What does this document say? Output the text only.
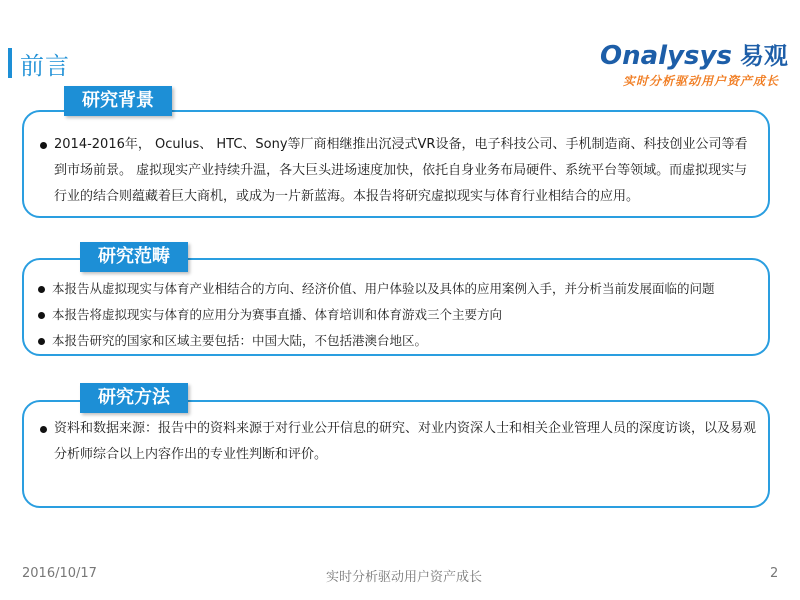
前言	Onalysys 易观
实时分析驱动用户资产成长
2014-2016年， Oculus、 HTC、Sony等厂商相继推出沉浸式VR设备，电子科技公司、手机制造商、科技创业公司等看到市场前景。 虚拟现实产业持续升温，各大巨头进场速度加快，依托自身业务布局硬件、系统平台等领域。而虚拟现实与行业的结合则蕴藏着巨大商机，或成为一片新蓝海。本报告将研究虚拟现实与体育行业相结合的应用。
研究背景
本报告从虚拟现实与体育产业相结合的方向、经济价值、用户体验以及具体的应用案例入手，并分析当前发展面临的问题
本报告将虚拟现实与体育的应用分为赛事直播、体育培训和体育游戏三个主要方向
本报告研究的国家和区域主要包括：中国大陆，不包括港澳台地区。
研究范畴
资料和数据来源：报告中的资料来源于对行业公开信息的研究、对业内资深人士和相关企业管理人员的深度访谈，以及易观分析师综合以上内容作出的专业性判断和评价。
研究方法
2016/10/17	实时分析驱动用户资产成长	2
